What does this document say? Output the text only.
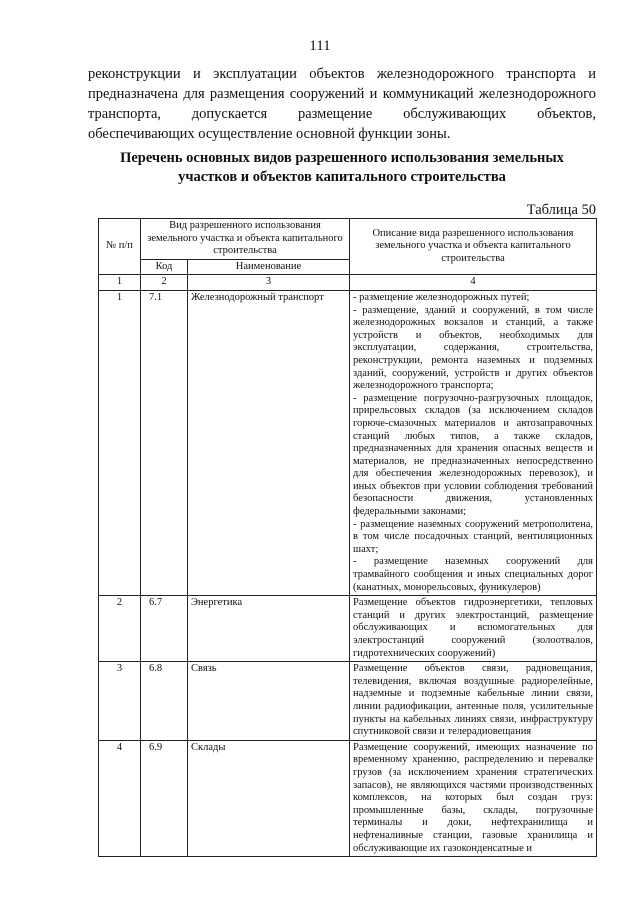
111

реконструкции и эксплуатации объектов железнодорожного транспорта и предназначена для размещения сооружений и коммуникаций железнодорожного транспорта, допускается размещение обслуживающих объектов, обеспечивающих осуществление основной функции зоны.

Перечень основных видов разрешенного использования земельных
участков и объектов капитального строительства
Таблица 50
№ п/п	Вид разрешенного использования земельного участка и объекта капитального строительства		Описание вида разрешенного использования земельного участка и объекта капитального строительства
	Код	Наименование	
1	2	3	4
1	7.1	Железнодорожный транспорт	- размещение железнодорожных путей;
- размещение, зданий и сооружений, в том числе железнодорожных вокзалов и станций, а также устройств и объектов, необходимых для эксплуатации, содержания, строительства, реконструкции, ремонта наземных и подземных зданий, сооружений, устройств и других объектов железнодорожного транспорта;
- размещение погрузочно-разгрузочных площадок, прирельсовых складов (за исключением складов горюче-смазочных материалов и автозаправочных станций любых типов, а также складов, предназначенных для хранения опасных веществ и материалов, не предназначенных непосредственно для обеспечения железнодорожных перевозок), и иных объектов при условии соблюдения требований безопасности движения, установленных федеральными законами;
- размещение наземных сооружений метрополитена, в том числе посадочных станций, вентиляционных шахт;
- размещение наземных сооружений для трамвайного сообщения и иных специальных дорог (канатных, монорельсовых, фуникулеров)

2	6.7	Энергетика	Размещение объектов гидроэнергетики, тепловых станций и других электростанций, размещение обслуживающих и вспомогательных для электростанций сооружений (золоотвалов, гидротехнических сооружений)

3	6.8	Связь	Размещение объектов связи, радиовещания, телевидения, включая воздушные радиорелейные, надземные и подземные кабельные линии связи, линии радиофикации, антенные поля, усилительные пункты на кабельных линиях связи, инфраструктуру спутниковой связи и телерадиовещания

4	6.9	Склады	Размещение сооружений, имеющих назначение по временному хранению, распределению и перевалке грузов (за исключением хранения стратегических запасов), не являющихся частями производственных комплексов, на которых был создан груз: промышленные базы, склады, погрузочные терминалы и доки, нефтехранилища и нефтеналивные станции, газовые хранилища и обслуживающие их газоконденсатные и
